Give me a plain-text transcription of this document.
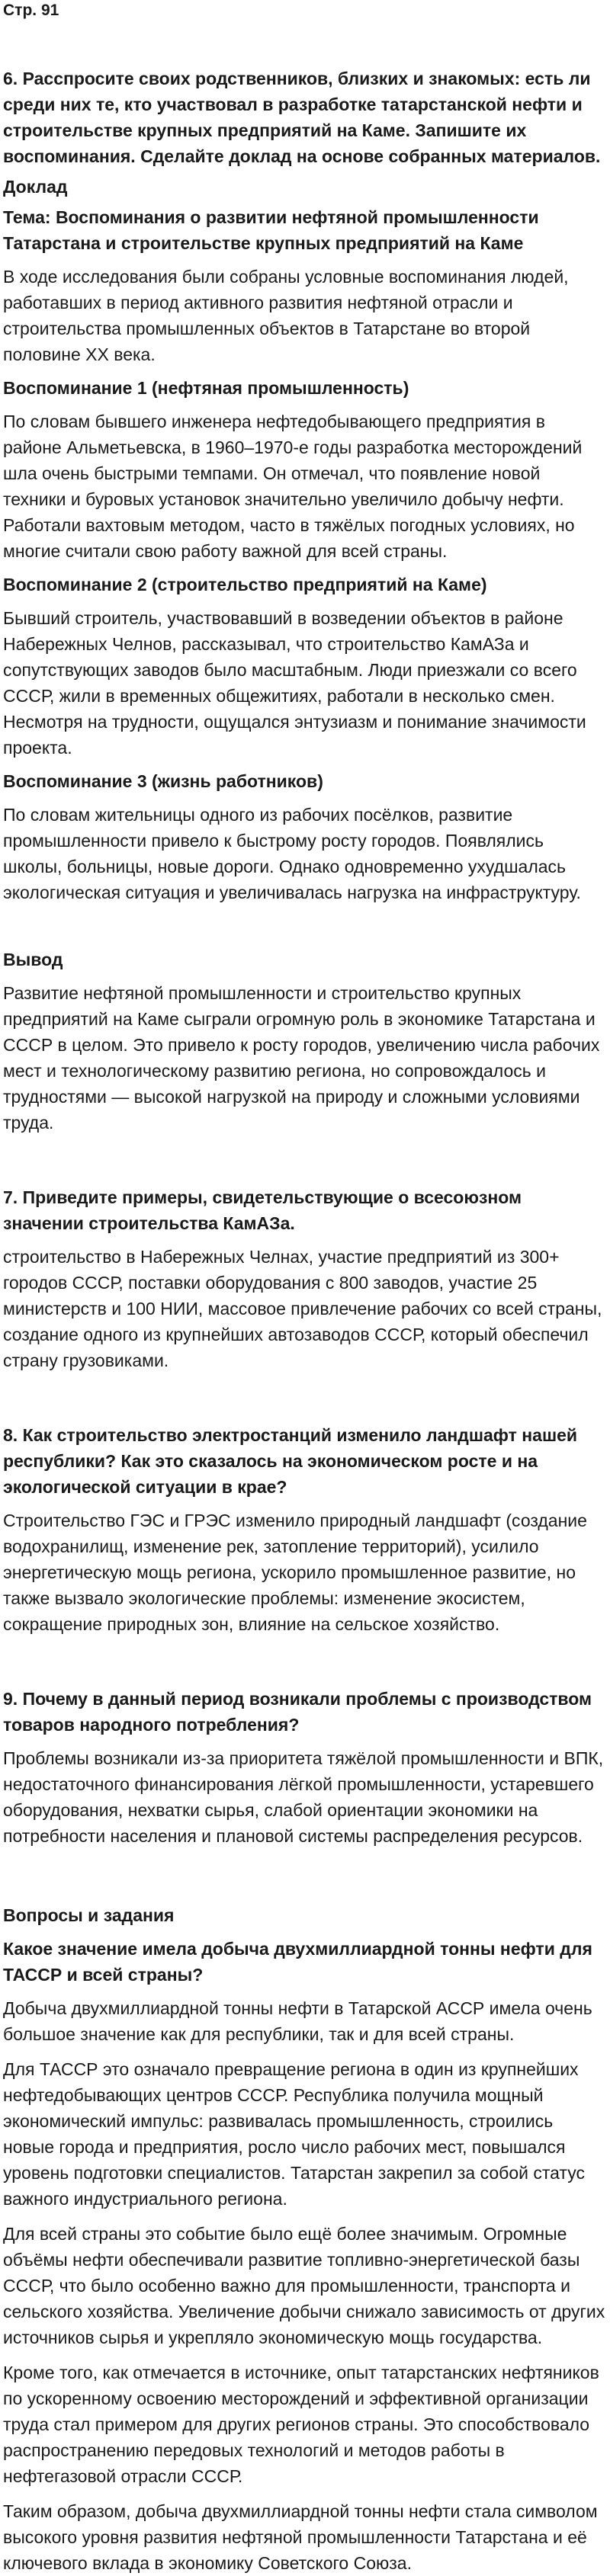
Стр. 91

6. Расспросите своих родственников, близких и знакомых: есть ли среди них те, кто участвовал в разработке татарстанской нефти и строительстве крупных предприятий на Каме. Запишите их воспоминания. Сделайте доклад на основе собранных материалов.

Доклад

Тема: Воспоминания о развитии нефтяной промышленности Татарстана и строительстве крупных предприятий на Каме

В ходе исследования были собраны условные воспоминания людей, работавших в период активного развития нефтяной отрасли и строительства промышленных объектов в Татарстане во второй половине XX века.

Воспоминание 1 (нефтяная промышленность)

По словам бывшего инженера нефтедобывающего предприятия в районе Альметьевска, в 1960–1970-е годы разработка месторождений шла очень быстрыми темпами. Он отмечал, что появление новой техники и буровых установок значительно увеличило добычу нефти. Работали вахтовым методом, часто в тяжёлых погодных условиях, но многие считали свою работу важной для всей страны.

Воспоминание 2 (строительство предприятий на Каме)

Бывший строитель, участвовавший в возведении объектов в районе Набережных Челнов, рассказывал, что строительство КамАЗа и сопутствующих заводов было масштабным. Люди приезжали со всего СССР, жили в временных общежитиях, работали в несколько смен. Несмотря на трудности, ощущался энтузиазм и понимание значимости проекта.

Воспоминание 3 (жизнь работников)

По словам жительницы одного из рабочих посёлков, развитие промышленности привело к быстрому росту городов. Появлялись школы, больницы, новые дороги. Однако одновременно ухудшалась экологическая ситуация и увеличивалась нагрузка на инфраструктуру.

Вывод

Развитие нефтяной промышленности и строительство крупных предприятий на Каме сыграли огромную роль в экономике Татарстана и СССР в целом. Это привело к росту городов, увеличению числа рабочих мест и технологическому развитию региона, но сопровождалось и трудностями — высокой нагрузкой на природу и сложными условиями труда.

7. Приведите примеры, свидетельствующие о всесоюзном значении строительства КамАЗа.

строительство в Набережных Челнах, участие предприятий из 300+ городов СССР, поставки оборудования с 800 заводов, участие 25 министерств и 100 НИИ, массовое привлечение рабочих со всей страны, создание одного из крупнейших автозаводов СССР, который обеспечил страну грузовиками.

8. Как строительство электростанций изменило ландшафт нашей республики? Как это сказалось на экономическом росте и на экологической ситуации в крае?

Строительство ГЭС и ГРЭС изменило природный ландшафт (создание водохранилищ, изменение рек, затопление территорий), усилило энергетическую мощь региона, ускорило промышленное развитие, но также вызвало экологические проблемы: изменение экосистем, сокращение природных зон, влияние на сельское хозяйство.

9. Почему в данный период возникали проблемы с производством товаров народного потребления?

Проблемы возникали из-за приоритета тяжёлой промышленности и ВПК, недостаточного финансирования лёгкой промышленности, устаревшего оборудования, нехватки сырья, слабой ориентации экономики на потребности населения и плановой системы распределения ресурсов.

Вопросы и задания

Какое значение имела добыча двухмиллиардной тонны нефти для ТАССР и всей страны?

Добыча двухмиллиардной тонны нефти в Татарской АССР имела очень большое значение как для республики, так и для всей страны.

Для ТАССР это означало превращение региона в один из крупнейших нефтедобывающих центров СССР. Республика получила мощный экономический импульс: развивалась промышленность, строились новые города и предприятия, росло число рабочих мест, повышался уровень подготовки специалистов. Татарстан закрепил за собой статус важного индустриального региона.

Для всей страны это событие было ещё более значимым. Огромные объёмы нефти обеспечивали развитие топливно-энергетической базы СССР, что было особенно важно для промышленности, транспорта и сельского хозяйства. Увеличение добычи снижало зависимость от других источников сырья и укрепляло экономическую мощь государства.

Кроме того, как отмечается в источнике, опыт татарстанских нефтяников по ускоренному освоению месторождений и эффективной организации труда стал примером для других регионов страны. Это способствовало распространению передовых технологий и методов работы в нефтегазовой отрасли СССР.

Таким образом, добыча двухмиллиардной тонны нефти стала символом высокого уровня развития нефтяной промышленности Татарстана и её ключевого вклада в экономику Советского Союза.
